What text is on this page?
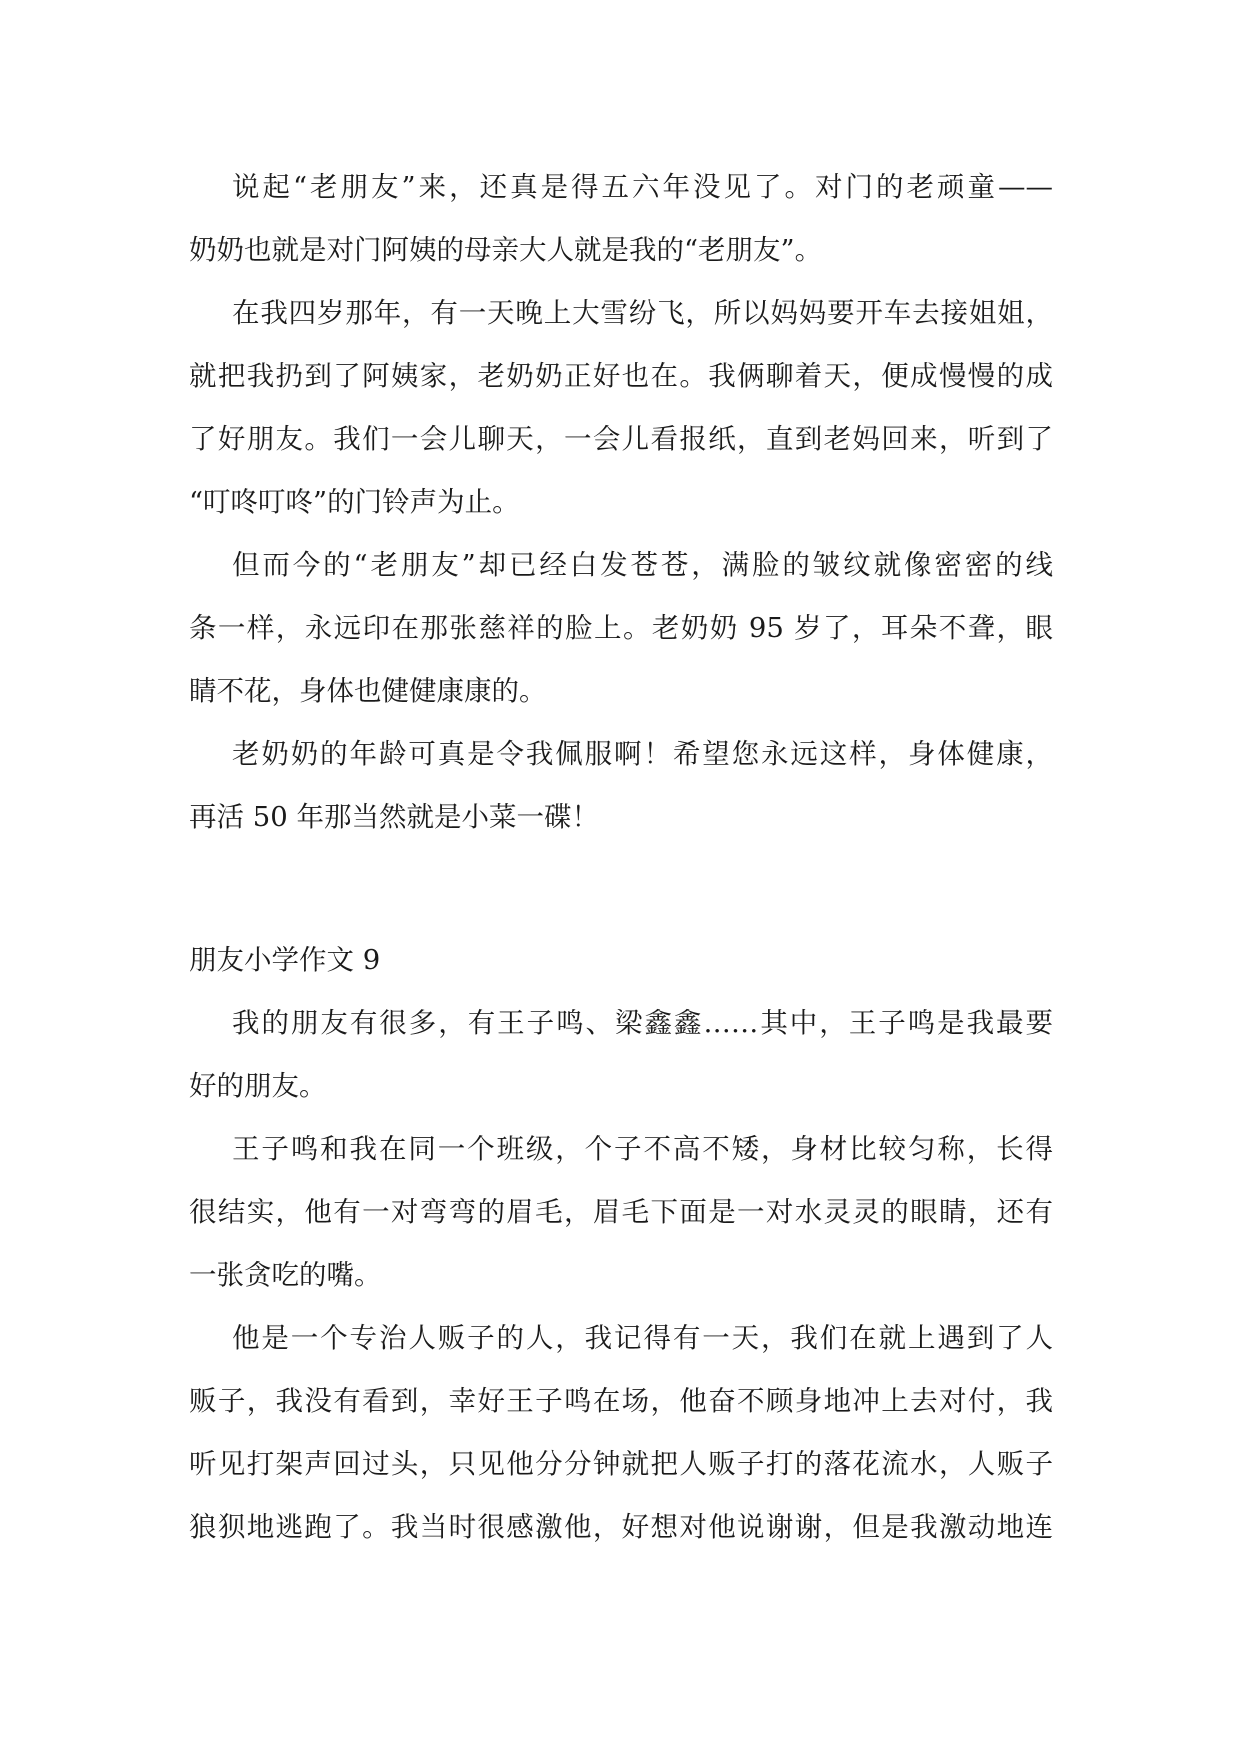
说起“老朋友”来，还真是得五六年没见了。对门的老顽童——
奶奶也就是对门阿姨的母亲大人就是我的“老朋友”。
在我四岁那年，有一天晚上大雪纷飞，所以妈妈要开车去接姐姐，
就把我扔到了阿姨家，老奶奶正好也在。我俩聊着天，便成慢慢的成
了好朋友。我们一会儿聊天，一会儿看报纸，直到老妈回来，听到了
“叮咚叮咚”的门铃声为止。
但而今的“老朋友”却已经白发苍苍，满脸的皱纹就像密密的线
条一样，永远印在那张慈祥的脸上。老奶奶 95 岁了，耳朵不聋，眼
睛不花，身体也健健康康的。
老奶奶的年龄可真是令我佩服啊！希望您永远这样，身体健康，
再活 50 年那当然就是小菜一碟！
朋友小学作文 9
我的朋友有很多，有王子鸣、梁鑫鑫……其中，王子鸣是我最要
好的朋友。
王子鸣和我在同一个班级，个子不高不矮，身材比较匀称，长得
很结实，他有一对弯弯的眉毛，眉毛下面是一对水灵灵的眼睛，还有
一张贪吃的嘴。
他是一个专治人贩子的人，我记得有一天，我们在就上遇到了人
贩子，我没有看到，幸好王子鸣在场，他奋不顾身地冲上去对付，我
听见打架声回过头，只见他分分钟就把人贩子打的落花流水，人贩子
狼狈地逃跑了。我当时很感激他，好想对他说谢谢，但是我激动地连
